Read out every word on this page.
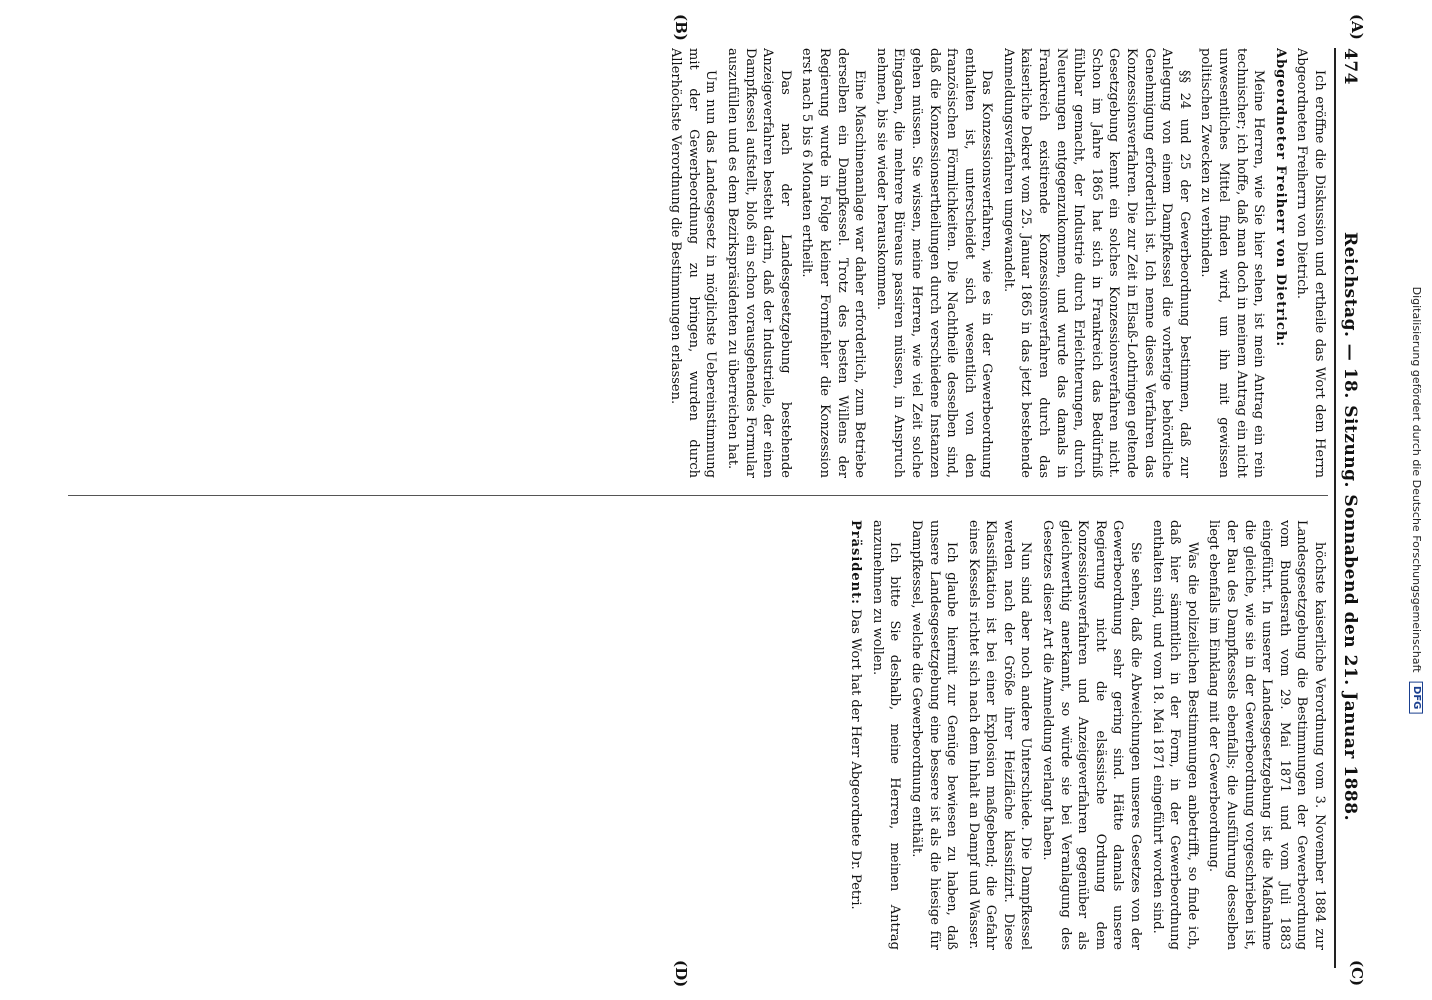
474
Reichstag. — 18. Sitzung. Sonnabend den 21. Januar 1888.
(A)
(C)
(B)
(D)

Ich eröffne die Diskussion und ertheile das Wort dem Herrn Abgeordneten Freiherrn von Dietrich.

Abgeordneter Freiherr von Dietrich:

Meine Herren, wie Sie hier sehen, ist mein Antrag ein rein technischer; ich hoffe, daß man doch in meinem Antrag ein nicht unwesentliches Mittel finden wird, um ihn mit gewissen politischen Zwecken zu verbinden.

§§ 24 und 25 der Gewerbeordnung bestimmen, daß zur Anlegung von einem Dampfkessel die vorherige behördliche Genehmigung erforderlich ist. Ich nenne dieses Verfahren das Konzessionsverfahren. Die zur Zeit in Elsaß-Lothringen geltende Gesetzgebung kennt ein solches Konzessionsverfahren nicht. Schon im Jahre 1865 hat sich in Frankreich das Bedürfniß fühlbar gemacht, der Industrie durch Erleichterungen, durch Neuerungen entgegenzukommen, und wurde das damals in Frankreich existirende Konzessionsverfahren durch das kaiserliche Dekret vom 25. Januar 1865 in das jetzt bestehende Anmeldungsverfahren umgewandelt.

Das Konzessionsverfahren, wie es in der Gewerbeordnung enthalten ist, unterscheidet sich wesentlich von den französischen Förmlichkeiten. Die Nachtheile desselben sind, daß die Konzessionsertheilungen durch verschiedene Instanzen gehen müssen. Sie wissen, meine Herren, wie viel Zeit solche Eingaben, die mehrere Büreaus passiren müssen, in Anspruch nehmen, bis sie wieder herauskommen.

Eine Maschinenanlage war daher erforderlich, zum Betriebe derselben ein Dampfkessel. Trotz des besten Willens der Regierung wurde in Folge kleiner Formfehler die Konzession erst nach 5 bis 6 Monaten ertheilt.

Das nach der Landesgesetzgebung bestehende Anzeigeverfahren besteht darin, daß der Industrielle, der einen Dampfkessel aufstellt, bloß ein schon vorausgehendes Formular auszufüllen und es dem Bezirkspräsidenten zu überreichen hat.

Um nun das Landesgesetz in möglichste Uebereinstimmung mit der Gewerbeordnung zu bringen, wurden durch Allerhöchste Verordnung die Bestimmungen erlassen.

höchste kaiserliche Verordnung vom 3. November 1884 zur Landesgesetzgebung die Bestimmungen der Gewerbeordnung vom Bundesrath vom 29. Mai 1871 und vom Juli 1883 eingeführt. In unserer Landesgesetzgebung ist die Maßnahme die gleiche, wie sie in der Gewerbeordnung vorgeschrieben ist, der Bau des Dampfkessels ebenfalls; die Ausführung desselben liegt ebenfalls im Einklang mit der Gewerbeordnung.

Was die polizeilichen Bestimmungen anbetrifft, so finde ich, daß hier sämmtlich in der Form, in der Gewerbeordnung enthalten sind, und vom 18. Mai 1871 eingeführt worden sind.

Sie sehen, daß die Abweichungen unseres Gesetzes von der Gewerbeordnung sehr gering sind. Hätte damals unsere Regierung nicht die elsässische Ordnung dem Konzessionsverfahren und Anzeigeverfahren gegenüber als gleichwerthig anerkannt, so würde sie bei Veranlagung des Gesetzes dieser Art die Anmeldung verlangt haben.

Nun sind aber noch andere Unterschiede. Die Dampfkessel werden nach der Größe ihrer Heizfläche klassifizirt. Diese Klassifikation ist bei einer Explosion maßgebend; die Gefahr eines Kessels richtet sich nach dem Inhalt an Dampf und Wasser.

Ich glaube hiermit zur Genüge bewiesen zu haben, daß unsere Landesgesetzgebung eine bessere ist als die hiesige für Dampfkessel, welche die Gewerbeordnung enthält.

Ich bitte Sie deshalb, meine Herren, meinen Antrag anzunehmen zu wollen.

Präsident: Das Wort hat der Herr Abgeordnete Dr. Petri.

Digitalisierung gefördert durch die Deutsche Forschungsgemeinschaft DFG
